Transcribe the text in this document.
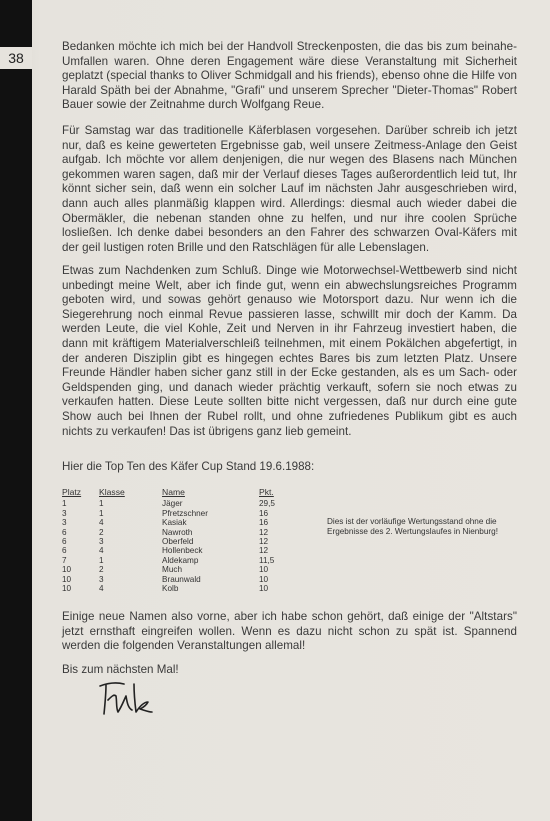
38

Bedanken möchte ich mich bei der Handvoll Streckenposten, die das bis zum beinahe-Umfallen waren. Ohne deren Engagement wäre diese Veranstaltung mit Sicherheit geplatzt (special thanks to Oliver Schmidgall and his friends), ebenso ohne die Hilfe von Harald Späth bei der Abnahme, "Grafi" und unserem Sprecher "Dieter-Thomas" Robert Bauer sowie der Zeitnahme durch Wolfgang Reue.

Für Samstag war das traditionelle Käferblasen vorgesehen. Darüber schreib ich jetzt nur, daß es keine gewerteten Ergebnisse gab, weil unsere Zeitmess-Anlage den Geist aufgab. Ich möchte vor allem denjenigen, die nur wegen des Blasens nach München gekommen waren sagen, daß mir der Verlauf dieses Tages außerordentlich leid tut, Ihr könnt sicher sein, daß wenn ein solcher Lauf im nächsten Jahr ausgeschrieben wird, dann auch alles planmäßig klappen wird. Allerdings: diesmal auch wieder dabei die Obermäkler, die nebenan standen ohne zu helfen, und nur ihre coolen Sprüche losließen. Ich denke dabei besonders an den Fahrer des schwarzen Oval-Käfers mit der geil lustigen roten Brille und den Ratschlägen für alle Lebenslagen.

Etwas zum Nachdenken zum Schluß. Dinge wie Motorwechsel-Wettbewerb sind nicht unbedingt meine Welt, aber ich finde gut, wenn ein abwechslungsreiches Programm geboten wird, und sowas gehört genauso wie Motorsport dazu. Nur wenn ich die Siegerehrung noch einmal Revue passieren lasse, schwillt mir doch der Kamm. Da werden Leute, die viel Kohle, Zeit und Nerven in ihr Fahrzeug investiert haben, die dann mit kräftigem Materialverschleiß teilnehmen, mit einem Pokälchen abgefertigt, in der anderen Disziplin gibt es hingegen echtes Bares bis zum letzten Platz. Unsere Freunde Händler haben sicher ganz still in der Ecke gestanden, als es um Sach- oder Geldspenden ging, und danach wieder prächtig verkauft, sofern sie noch etwas zu verkaufen hatten. Diese Leute sollten bitte nicht vergessen, daß nur durch eine gute Show auch bei Ihnen der Rubel rollt, und ohne zufriedenes Publikum gibt es auch nichts zu verkaufen! Das ist übrigens ganz lieb gemeint.

Hier die Top Ten des Käfer Cup Stand 19.6.1988:
Platz	Klasse	Name	Pkt.
1	1	Jäger	29,5
3	1	Pfretzschner	16
3	4	Kasiak	16
6	2	Nawroth	12
6	3	Oberfeld	12
6	4	Hollenbeck	12
7	1	Aldekamp	11,5
10	2	Much	10
10	3	Braunwald	10
10	4	Kolb	10
Dies ist der vorläufige Wertungsstand ohne die Ergebnisse des 2. Wertungslaufes in Nienburg!

Einige neue Namen also vorne, aber ich habe schon gehört, daß einige der "Altstars" jetzt ernsthaft eingreifen wollen. Wenn es dazu nicht schon zu spät ist. Spannend werden die folgenden Veranstaltungen allemal!

Bis zum nächsten Mal!
